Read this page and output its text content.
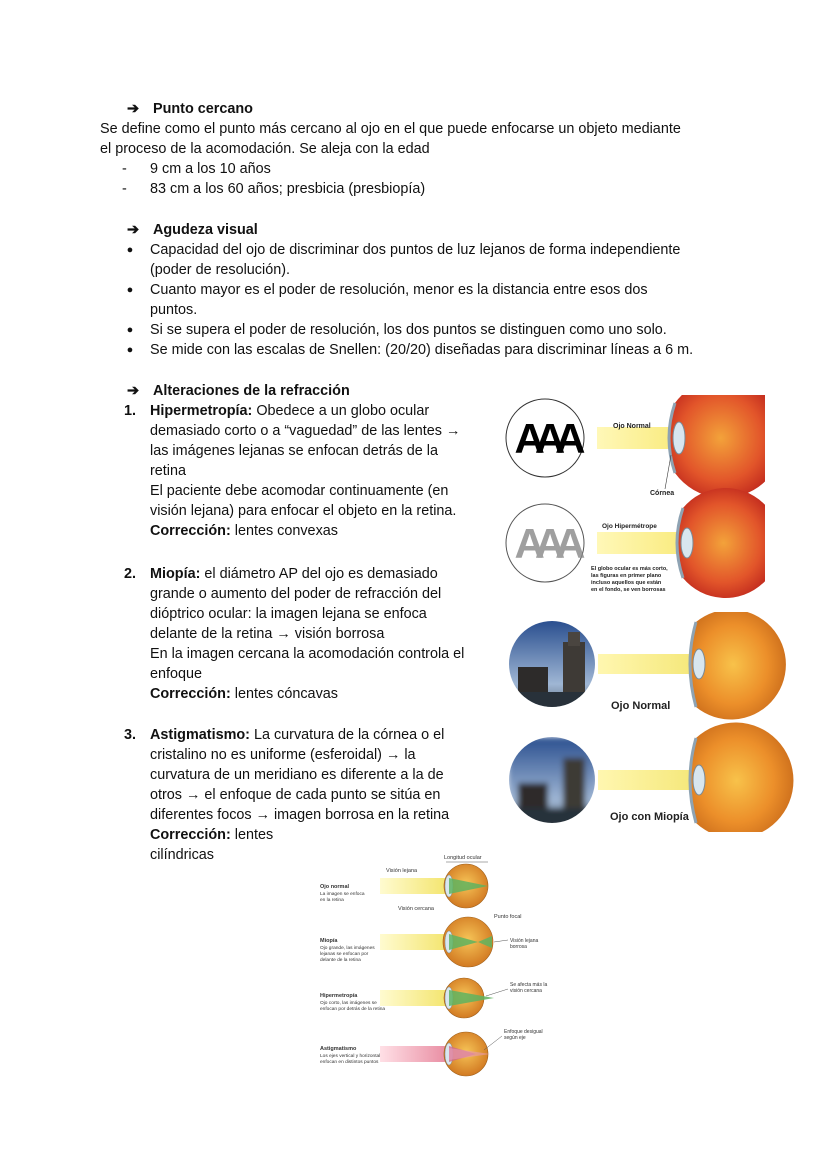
➔ Punto cercano
Se define como el punto más cercano al ojo en el que puede enfocarse un objeto mediante
el proceso de la acomodación. Se aleja con la edad
- 9 cm a los 10 años
- 83 cm a los 60 años; presbicia (presbiopía)
➔ Agudeza visual
● Capacidad del ojo de discriminar dos puntos de luz lejanos de forma independiente
(poder de resolución).
● Cuanto mayor es el poder de resolución, menor es la distancia entre esos dos
puntos.
● Si se supera el poder de resolución, los dos puntos se distinguen como uno solo.
● Se mide con las escalas de Snellen: (20/20) diseñadas para discriminar líneas a 6 m.
➔ Alteraciones de la refracción
1. Hipermetropía: Obedece a un globo ocular
demasiado corto o a “vaguedad” de las lentes →
las imágenes lejanas se enfocan detrás de la
retina
El paciente debe acomodar continuamente (en
visión lejana) para enfocar el objeto en la retina.
Corrección: lentes convexas
2. Miopía: el diámetro AP del ojo es demasiado
grande o aumento del poder de refracción del
dióptrico ocular: la imagen lejana se enfoca
delante de la retina → visión borrosa
En la imagen cercana la acomodación controla el
enfoque
Corrección: lentes cóncavas
3. Astigmatismo: La curvatura de la córnea o el
cristalino no es uniforme (esferoidal) → la
curvatura de un meridiano es diferente a la de
otros → el enfoque de cada punto se sitúa en
diferentes focos → imagen borrosa en la retina
Corrección: lentes
cilíndricas
AAA	Ojo Normal
Córnea
AAA	Ojo Hipermétrope
El globo ocular es más corto,
las figuras en primer plano
incluso aquellos que están
en el fondo, se ven borrosas
Ojo Normal
Ojo con Miopía
Longitud ocular
Visión lejana
Visión cercana
Punto focal
Ojo normal
La imagen se enfoca
en la retina
Miopía
Ojo grande, las imágenes
lejanas se enfocan por
delante de la retina
Visión lejana
borrosa
Hipermetropía
Ojo corto, las imágenes se
enfocan por detrás de la retina
Se afecta más la
visión cercana
Astigmatismo
Los ejes vertical y horizontal
enfocan en distintos puntos
Enfoque desigual
según eje
